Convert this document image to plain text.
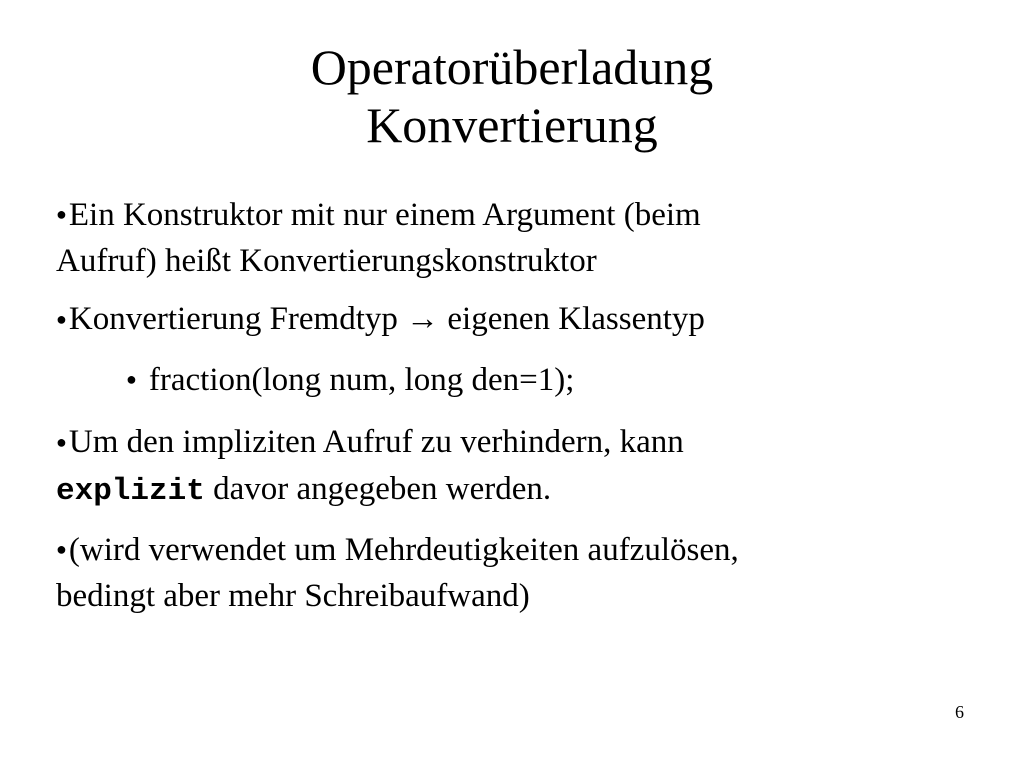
Operatorüberladung
Konvertierung
●Ein Konstruktor mit nur einem Argument (beim
Aufruf) heißt Konvertierungskonstruktor
●Konvertierung Fremdtyp → eigenen Klassentyp
● fraction(long num, long den=1);
●Um den impliziten Aufruf zu verhindern, kann
explizit davor angegeben werden.
●(wird verwendet um Mehrdeutigkeiten aufzulösen,
bedingt aber mehr Schreibaufwand)
6
